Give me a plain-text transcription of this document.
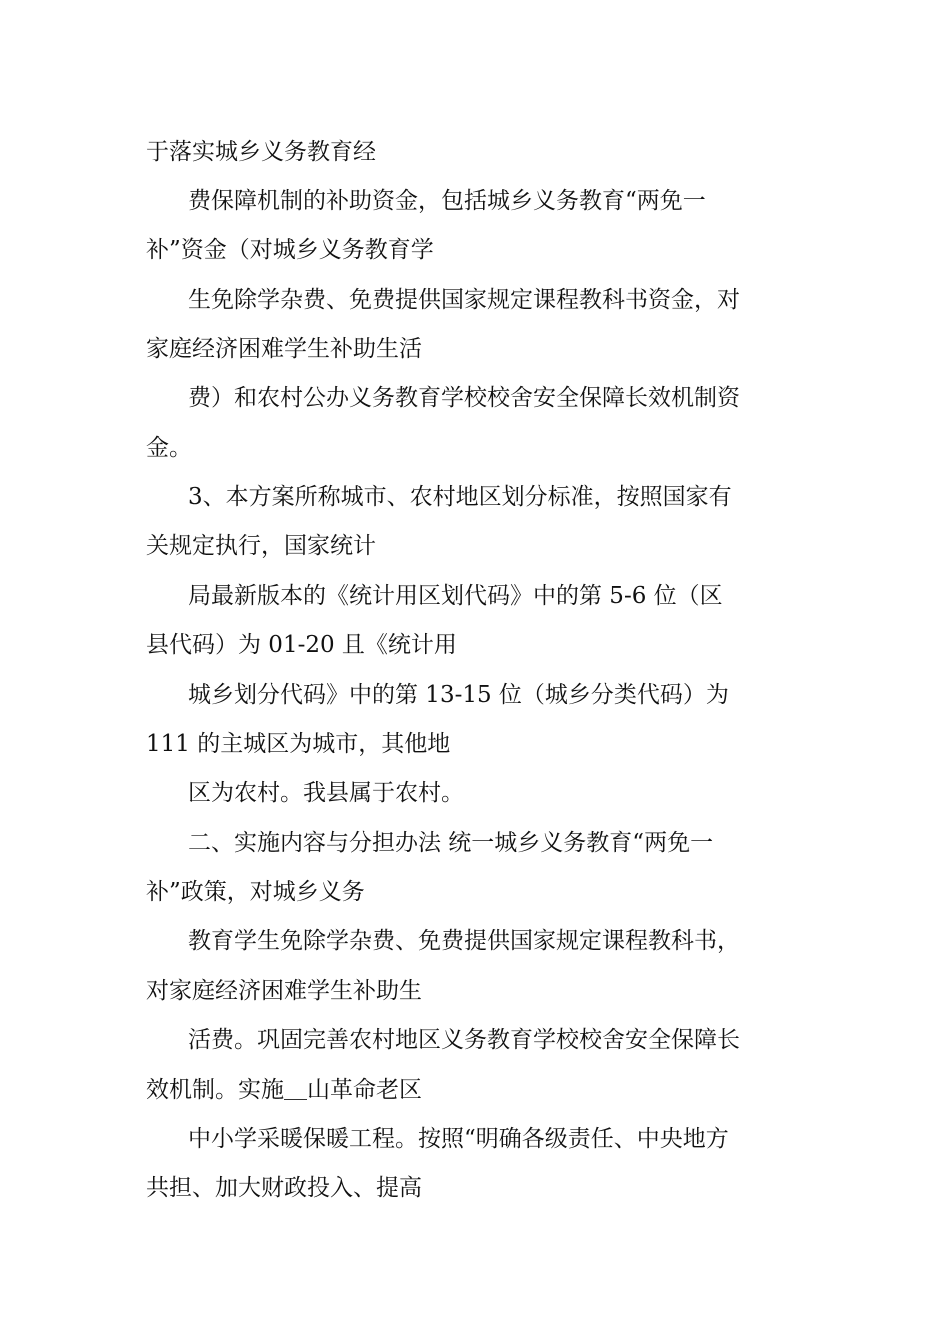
于落实城乡义务教育经
费保障机制的补助资金，包括城乡义务教育“两免一
补”资金（对城乡义务教育学
生免除学杂费、免费提供国家规定课程教科书资金，对
家庭经济困难学生补助生活
费）和农村公办义务教育学校校舍安全保障长效机制资
金。
3、本方案所称城市、农村地区划分标准，按照国家有
关规定执行，国家统计
局最新版本的《统计用区划代码》中的第 5-6 位（区
县代码）为 01-20 且《统计用
城乡划分代码》中的第 13-15 位（城乡分类代码）为
111 的主城区为城市，其他地
区为农村。我县属于农村。
二、实施内容与分担办法 统一城乡义务教育“两免一
补”政策，对城乡义务
教育学生免除学杂费、免费提供国家规定课程教科书，
对家庭经济困难学生补助生
活费。巩固完善农村地区义务教育学校校舍安全保障长
效机制。实施＿山革命老区
中小学采暖保暖工程。按照“明确各级责任、中央地方
共担、加大财政投入、提高
